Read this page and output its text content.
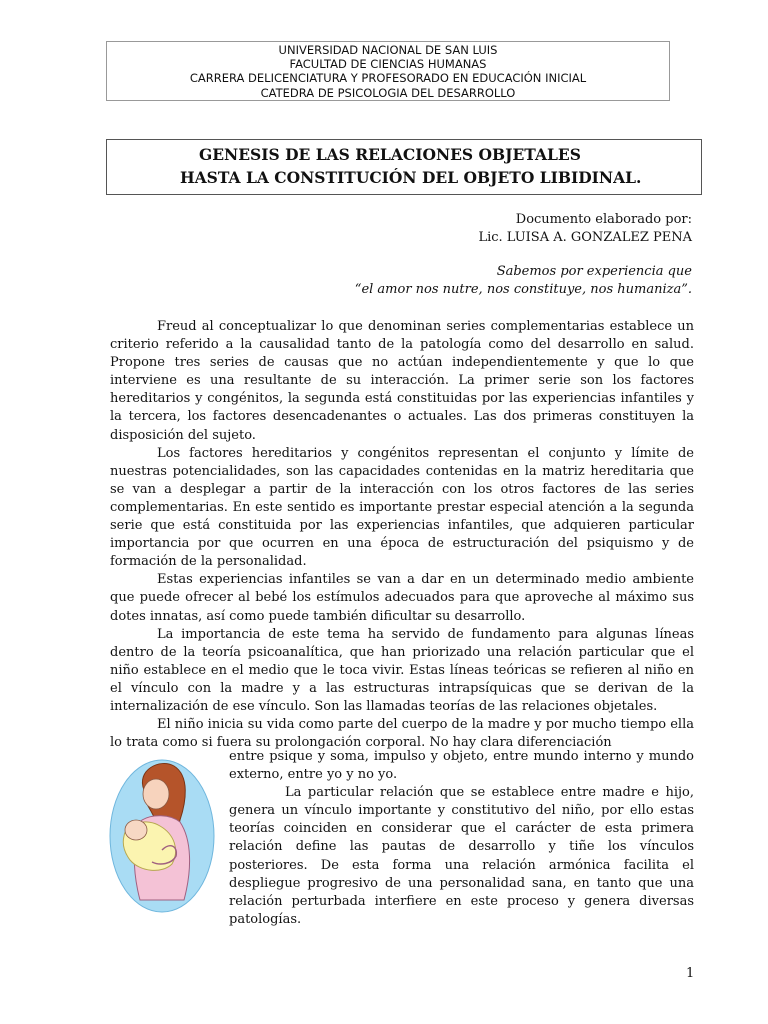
UNIVERSIDAD NACIONAL DE SAN LUIS
FACULTAD DE CIENCIAS HUMANAS
CARRERA DELICENCIATURA Y PROFESORADO EN EDUCACIÓN INICIAL
CATEDRA DE PSICOLOGIA DEL DESARROLLO
GENESIS DE LAS RELACIONES OBJETALES
HASTA LA CONSTITUCIÓN DEL OBJETO LIBIDINAL.
Documento elaborado por:
Lic. LUISA A. GONZALEZ PENA
Sabemos por experiencia que
“el amor nos nutre, nos constituye, nos humaniza”.

Freud al conceptualizar lo que denominan series complementarias establece un criterio referido a la causalidad tanto de la patología como del desarrollo en salud. Propone tres series de causas que no actúan independientemente y que lo que interviene es una resultante de su interacción. La primer serie son los factores hereditarios y congénitos, la segunda está constituidas por las experiencias infantiles y la tercera, los factores desencadenantes o actuales. Las dos primeras constituyen la disposición del sujeto.

Los factores hereditarios y congénitos representan el conjunto y límite de nuestras potencialidades, son las capacidades contenidas en la matriz hereditaria que se van a desplegar a partir de la interacción con los otros factores de las series complementarias. En este sentido es importante prestar especial atención a la segunda serie que está constituida por las experiencias infantiles, que adquieren particular importancia por que ocurren en una época de estructuración del psiquismo y de formación de la personalidad.

Estas experiencias infantiles se van a dar en un determinado medio ambiente que puede ofrecer al bebé los estímulos adecuados para que aproveche al máximo sus dotes innatas, así como puede también dificultar su desarrollo.

La importancia de este tema ha servido de fundamento para algunas líneas dentro de la teoría psicoanalítica, que han priorizado una relación particular que el niño establece en el medio que le toca vivir. Estas líneas teóricas se refieren al niño en el vínculo con la madre y a las estructuras intrapsíquicas que se derivan de la internalización de ese vínculo. Son las llamadas teorías de las relaciones objetales.

El niño inicia su vida como parte del cuerpo de la madre y por mucho tiempo ella lo trata como si fuera su prolongación corporal. No hay clara diferenciación

entre psique y soma, impulso y objeto, entre mundo interno y mundo externo, entre yo y no yo.

La particular relación que se establece entre madre e hijo, genera un vínculo importante y constitutivo del niño, por ello estas teorías coinciden en considerar que el carácter de esta primera relación define las pautas de desarrollo y tiñe los vínculos posteriores. De esta forma una relación armónica facilita el despliegue progresivo de una personalidad sana, en tanto que una relación perturbada interfiere en este proceso y genera diversas patologías.

1
